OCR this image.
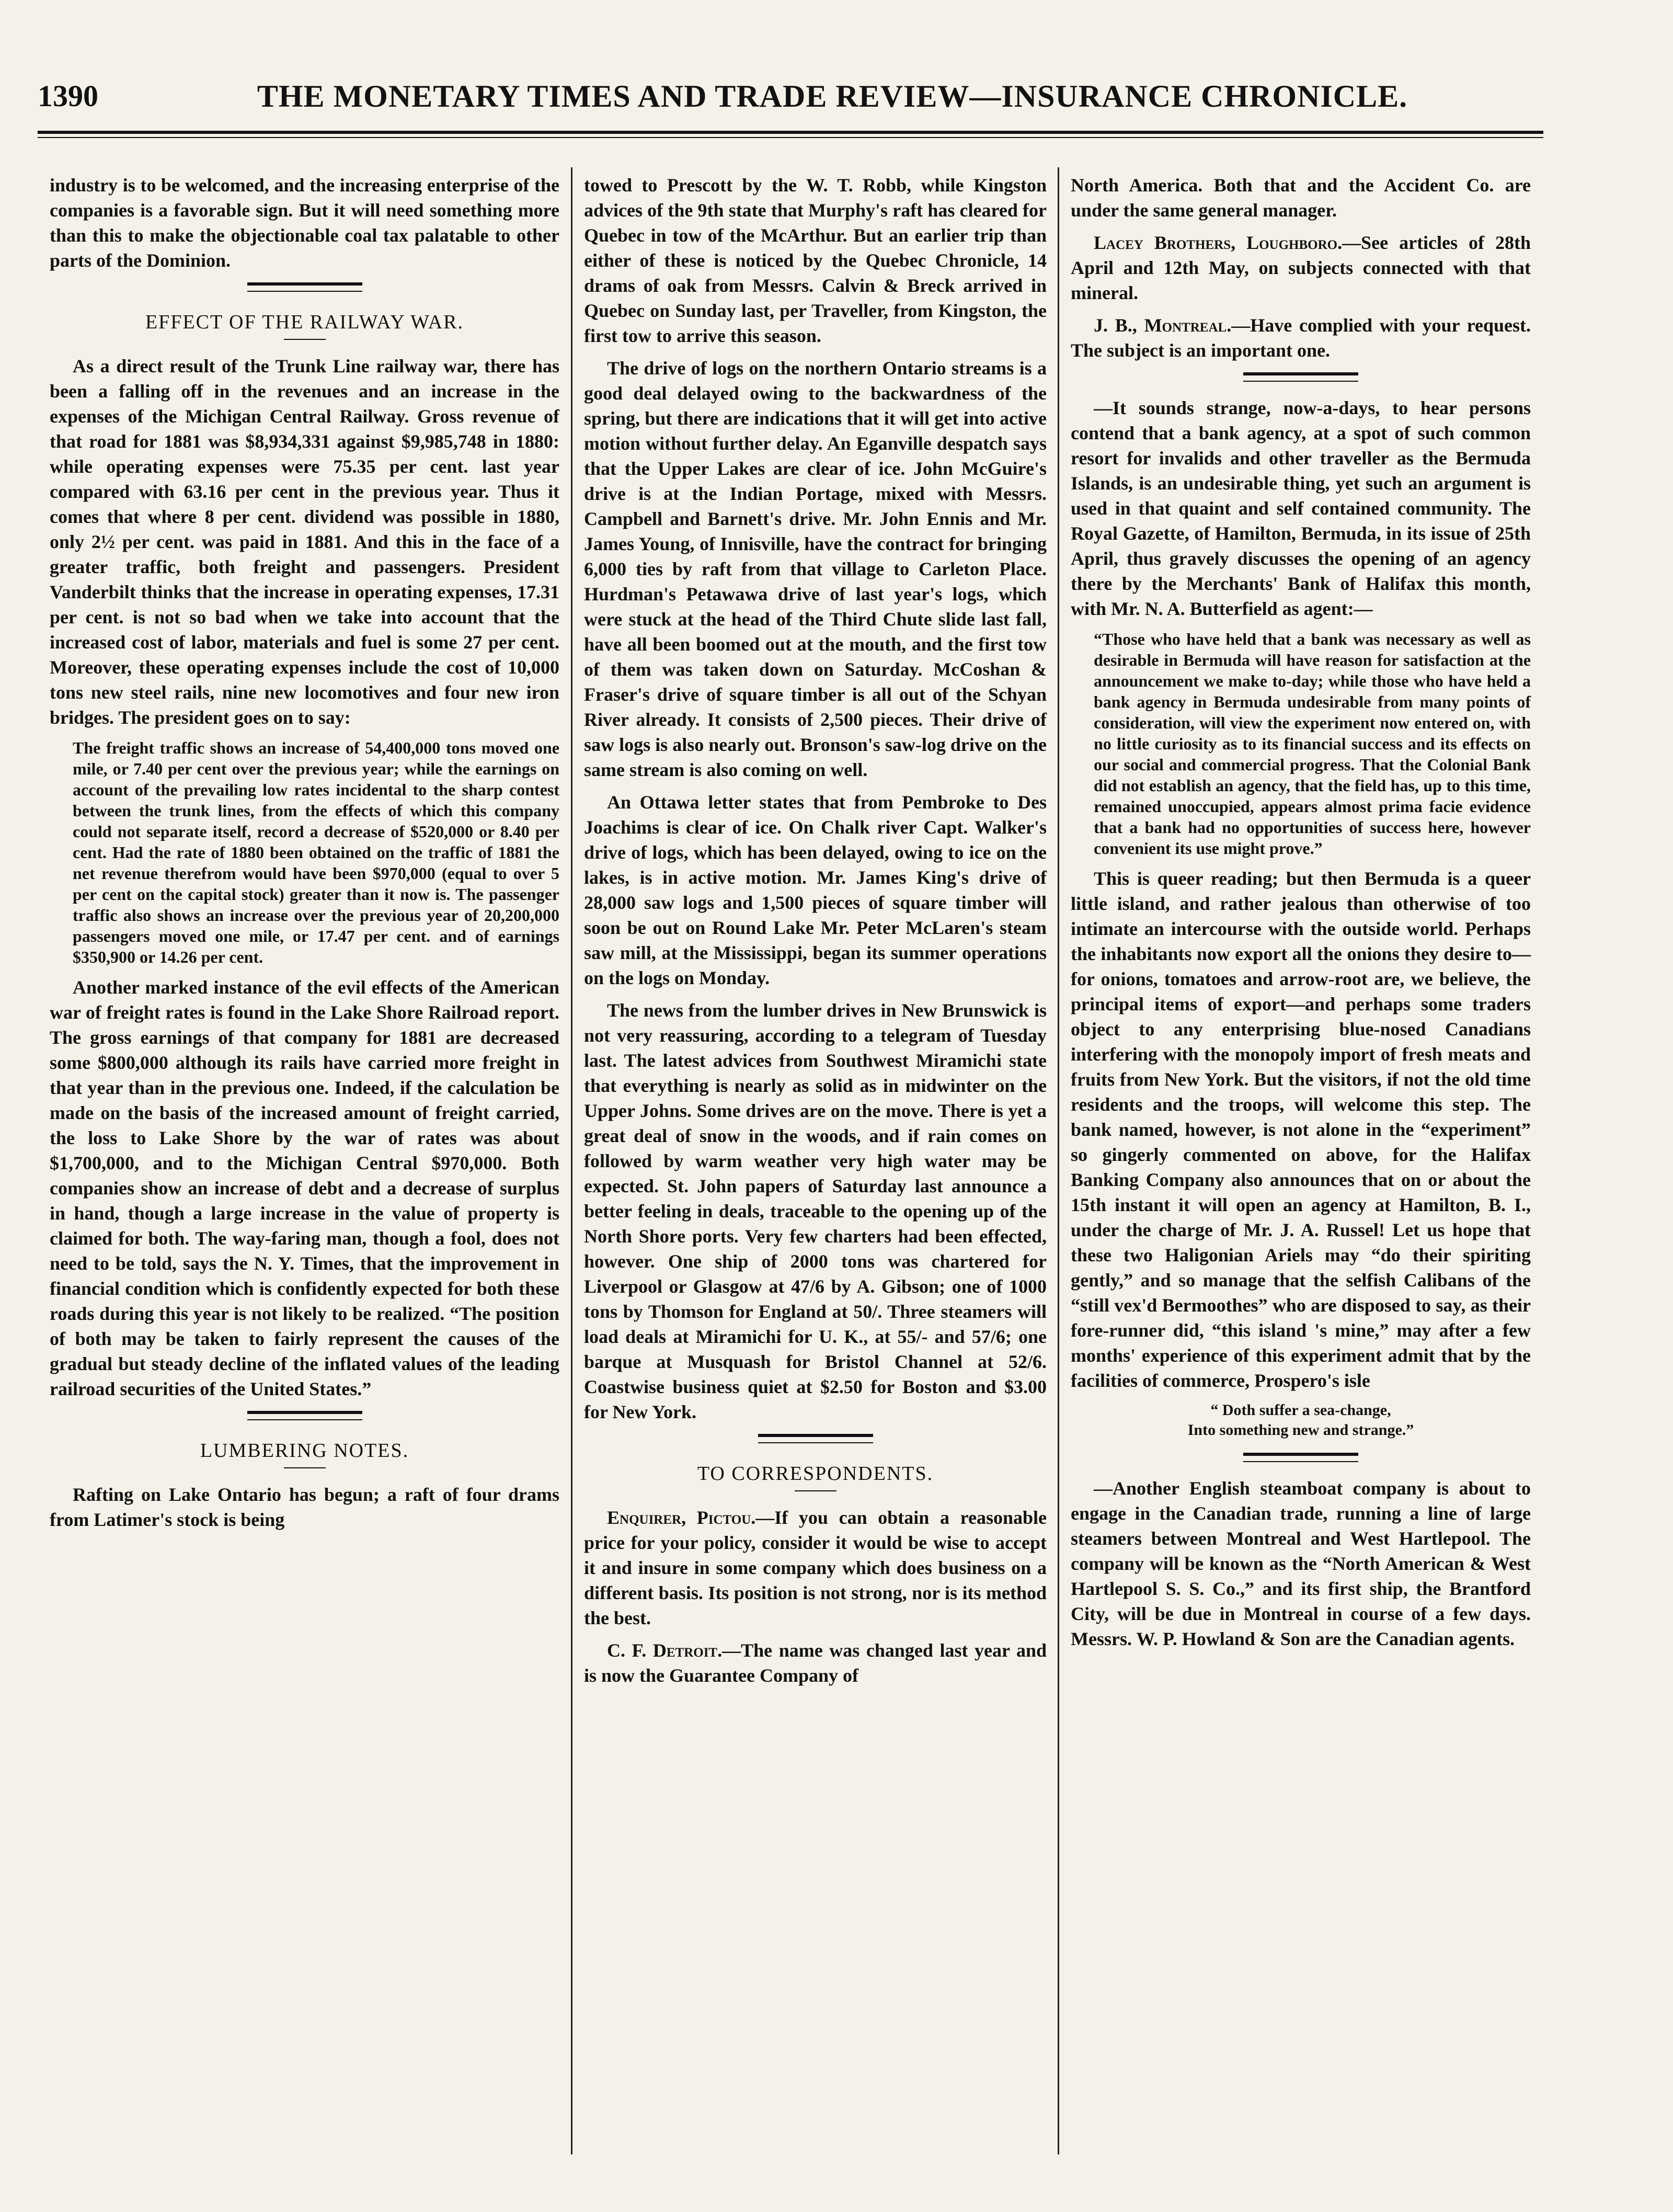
1390	THE MONETARY TIMES AND TRADE REVIEW—INSURANCE CHRONICLE.

industry is to be welcomed, and the increasing enterprise of the companies is a favorable sign. But it will need something more than this to make the objectionable coal tax palatable to other parts of the Dominion.

EFFECT OF THE RAILWAY WAR.

As a direct result of the Trunk Line railway war, there has been a falling off in the revenues and an increase in the expenses of the Michigan Central Railway. Gross revenue of that road for 1881 was $8,934,331 against $9,985,748 in 1880: while operating expenses were 75.35 per cent. last year compared with 63.16 per cent in the previous year. Thus it comes that where 8 per cent. dividend was possible in 1880, only 2½ per cent. was paid in 1881. And this in the face of a greater traffic, both freight and passengers. President Vanderbilt thinks that the increase in operating expenses, 17.31 per cent. is not so bad when we take into account that the increased cost of labor, materials and fuel is some 27 per cent. Moreover, these operating expenses include the cost of 10,000 tons new steel rails, nine new locomotives and four new iron bridges. The president goes on to say:

The freight traffic shows an increase of 54,400,000 tons moved one mile, or 7.40 per cent over the previous year; while the earnings on account of the prevailing low rates incidental to the sharp contest between the trunk lines, from the effects of which this company could not separate itself, record a decrease of $520,000 or 8.40 per cent. Had the rate of 1880 been obtained on the traffic of 1881 the net revenue therefrom would have been $970,000 (equal to over 5 per cent on the capital stock) greater than it now is. The passenger traffic also shows an increase over the previous year of 20,200,000 passengers moved one mile, or 17.47 per cent. and of earnings $350,900 or 14.26 per cent.

Another marked instance of the evil effects of the American war of freight rates is found in the Lake Shore Railroad report. The gross earnings of that company for 1881 are decreased some $800,000 although its rails have carried more freight in that year than in the previous one. Indeed, if the calculation be made on the basis of the increased amount of freight carried, the loss to Lake Shore by the war of rates was about $1,700,000, and to the Michigan Central $970,000. Both companies show an increase of debt and a decrease of surplus in hand, though a large increase in the value of property is claimed for both. The way-faring man, though a fool, does not need to be told, says the N. Y. Times, that the improvement in financial condition which is confidently expected for both these roads during this year is not likely to be realized. “The position of both may be taken to fairly represent the causes of the gradual but steady decline of the inflated values of the leading railroad securities of the United States.”

LUMBERING NOTES.

Rafting on Lake Ontario has begun; a raft of four drams from Latimer's stock is being

towed to Prescott by the W. T. Robb, while Kingston advices of the 9th state that Murphy's raft has cleared for Quebec in tow of the McArthur. But an earlier trip than either of these is noticed by the Quebec Chronicle, 14 drams of oak from Messrs. Calvin & Breck arrived in Quebec on Sunday last, per Traveller, from Kingston, the first tow to arrive this season.

The drive of logs on the northern Ontario streams is a good deal delayed owing to the backwardness of the spring, but there are indications that it will get into active motion without further delay. An Eganville despatch says that the Upper Lakes are clear of ice. John McGuire's drive is at the Indian Portage, mixed with Messrs. Campbell and Barnett's drive. Mr. John Ennis and Mr. James Young, of Innisville, have the contract for bringing 6,000 ties by raft from that village to Carleton Place. Hurdman's Petawawa drive of last year's logs, which were stuck at the head of the Third Chute slide last fall, have all been boomed out at the mouth, and the first tow of them was taken down on Saturday. McCoshan & Fraser's drive of square timber is all out of the Schyan River already. It consists of 2,500 pieces. Their drive of saw logs is also nearly out. Bronson's saw-log drive on the same stream is also coming on well.

An Ottawa letter states that from Pembroke to Des Joachims is clear of ice. On Chalk river Capt. Walker's drive of logs, which has been delayed, owing to ice on the lakes, is in active motion. Mr. James King's drive of 28,000 saw logs and 1,500 pieces of square timber will soon be out on Round Lake Mr. Peter McLaren's steam saw mill, at the Mississippi, began its summer operations on the logs on Monday.

The news from the lumber drives in New Brunswick is not very reassuring, according to a telegram of Tuesday last. The latest advices from Southwest Miramichi state that everything is nearly as solid as in midwinter on the Upper Johns. Some drives are on the move. There is yet a great deal of snow in the woods, and if rain comes on followed by warm weather very high water may be expected. St. John papers of Saturday last announce a better feeling in deals, traceable to the opening up of the North Shore ports. Very few charters had been effected, however. One ship of 2000 tons was chartered for Liverpool or Glasgow at 47/6 by A. Gibson; one of 1000 tons by Thomson for England at 50/. Three steamers will load deals at Miramichi for U. K., at 55/- and 57/6; one barque at Musquash for Bristol Channel at 52/6. Coastwise business quiet at $2.50 for Boston and $3.00 for New York.

TO CORRESPONDENTS.

Enquirer, Pictou.—If you can obtain a reasonable price for your policy, consider it would be wise to accept it and insure in some company which does business on a different basis. Its position is not strong, nor is its method the best.

C. F. Detroit.—The name was changed last year and is now the Guarantee Company of

North America. Both that and the Accident Co. are under the same general manager.

Lacey Brothers, Loughboro.—See articles of 28th April and 12th May, on subjects connected with that mineral.

J. B., Montreal.—Have complied with your request. The subject is an important one.

—It sounds strange, now-a-days, to hear persons contend that a bank agency, at a spot of such common resort for invalids and other traveller as the Bermuda Islands, is an undesirable thing, yet such an argument is used in that quaint and self contained community. The Royal Gazette, of Hamilton, Bermuda, in its issue of 25th April, thus gravely discusses the opening of an agency there by the Merchants' Bank of Halifax this month, with Mr. N. A. Butterfield as agent:—

“Those who have held that a bank was necessary as well as desirable in Bermuda will have reason for satisfaction at the announcement we make to-day; while those who have held a bank agency in Bermuda undesirable from many points of consideration, will view the experiment now entered on, with no little curiosity as to its financial success and its effects on our social and commercial progress. That the Colonial Bank did not establish an agency, that the field has, up to this time, remained unoccupied, appears almost prima facie evidence that a bank had no opportunities of success here, however convenient its use might prove.”

This is queer reading; but then Bermuda is a queer little island, and rather jealous than otherwise of too intimate an intercourse with the outside world. Perhaps the inhabitants now export all the onions they desire to—for onions, tomatoes and arrow-root are, we believe, the principal items of export—and perhaps some traders object to any enterprising blue-nosed Canadians interfering with the monopoly import of fresh meats and fruits from New York. But the visitors, if not the old time residents and the troops, will welcome this step. The bank named, however, is not alone in the “experiment” so gingerly commented on above, for the Halifax Banking Company also announces that on or about the 15th instant it will open an agency at Hamilton, B. I., under the charge of Mr. J. A. Russel! Let us hope that these two Haligonian Ariels may “do their spiriting gently,” and so manage that the selfish Calibans of the “still vex'd Bermoothes” who are disposed to say, as their fore-runner did, “this island 's mine,” may after a few months' experience of this experiment admit that by the facilities of commerce, Prospero's isle

“ Doth suffer a sea-change,
Into something new and strange.”

—Another English steamboat company is about to engage in the Canadian trade, running a line of large steamers between Montreal and West Hartlepool. The company will be known as the “North American & West Hartlepool S. S. Co.,” and its first ship, the Brantford City, will be due in Montreal in course of a few days. Messrs. W. P. Howland & Son are the Canadian agents.
